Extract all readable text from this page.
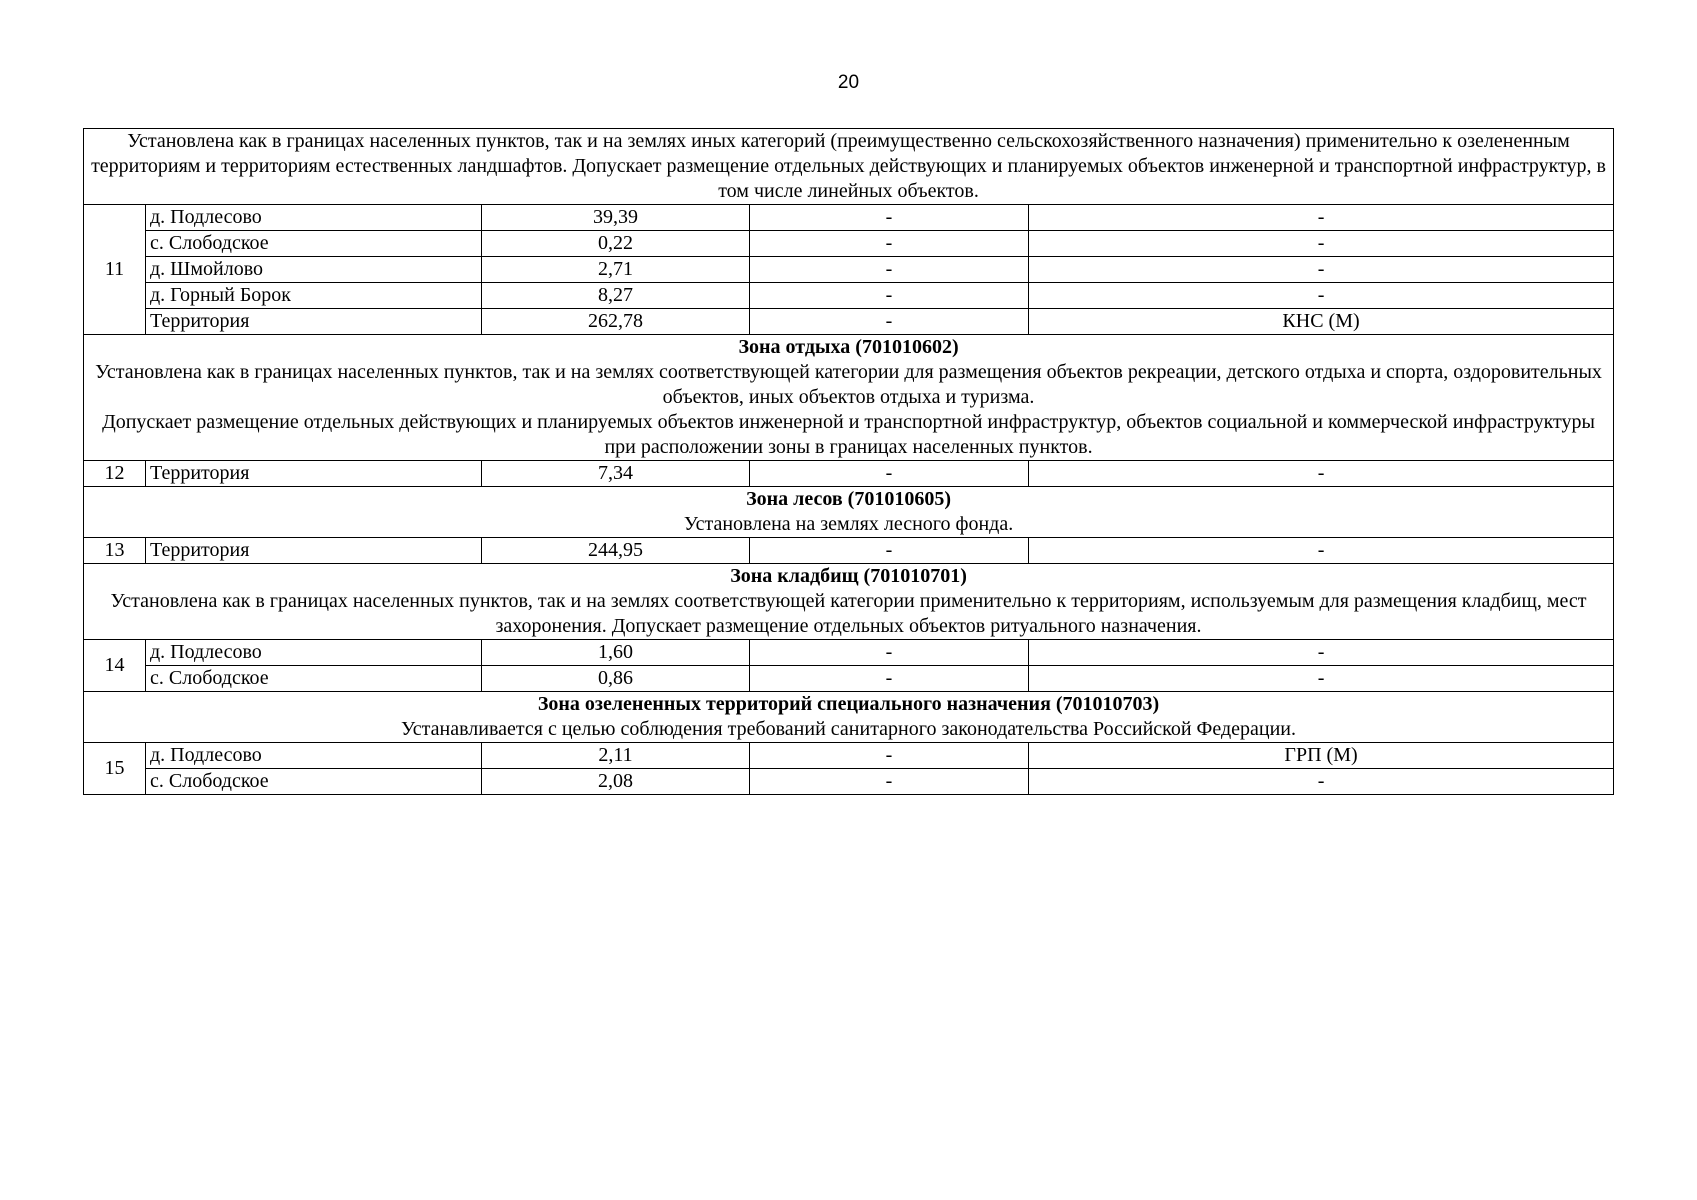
20
Установлена как в границах населенных пунктов, так и на землях иных категорий (преимущественно сельскохозяйственного назначения) применительно к озелененным территориям и территориям естественных ландшафтов. Допускает размещение отдельных действующих и планируемых объектов инженерной и транспортной инфраструктур, в том числе линейных объектов.				

11	д. Подлесово	39,39	-	-
	с. Слободское	0,22	-	-
	д. Шмойлово	2,71	-	-
	д. Горный Борок	8,27	-	-
	Территория	262,78	-	КНС (М)

Зона отдыха (701010602)
Установлена как в границах населенных пунктов, так и на землях соответствующей категории для размещения объектов рекреации, детского отдыха и спорта, оздоровительных объектов, иных объектов отдыха и туризма.
Допускает размещение отдельных действующих и планируемых объектов инженерной и транспортной инфраструктур, объектов социальной и коммерческой инфраструктуры при расположении зоны в границах населенных пунктов.				

12	Территория	7,34	-	-

Зона лесов (701010605)
Установлена на землях лесного фонда.				

13	Территория	244,95	-	-

Зона кладбищ (701010701)
Установлена как в границах населенных пунктов, так и на землях соответствующей категории применительно к территориям, используемым для размещения кладбищ, мест захоронения. Допускает размещение отдельных объектов ритуального назначения.				

14	д. Подлесово	1,60	-	-
	с. Слободское	0,86	-	-

Зона озелененных территорий специального назначения (701010703)
Устанавливается с целью соблюдения требований санитарного законодательства Российской Федерации.				

15	д. Подлесово	2,11	-	ГРП (М)
	с. Слободское	2,08	-	-
